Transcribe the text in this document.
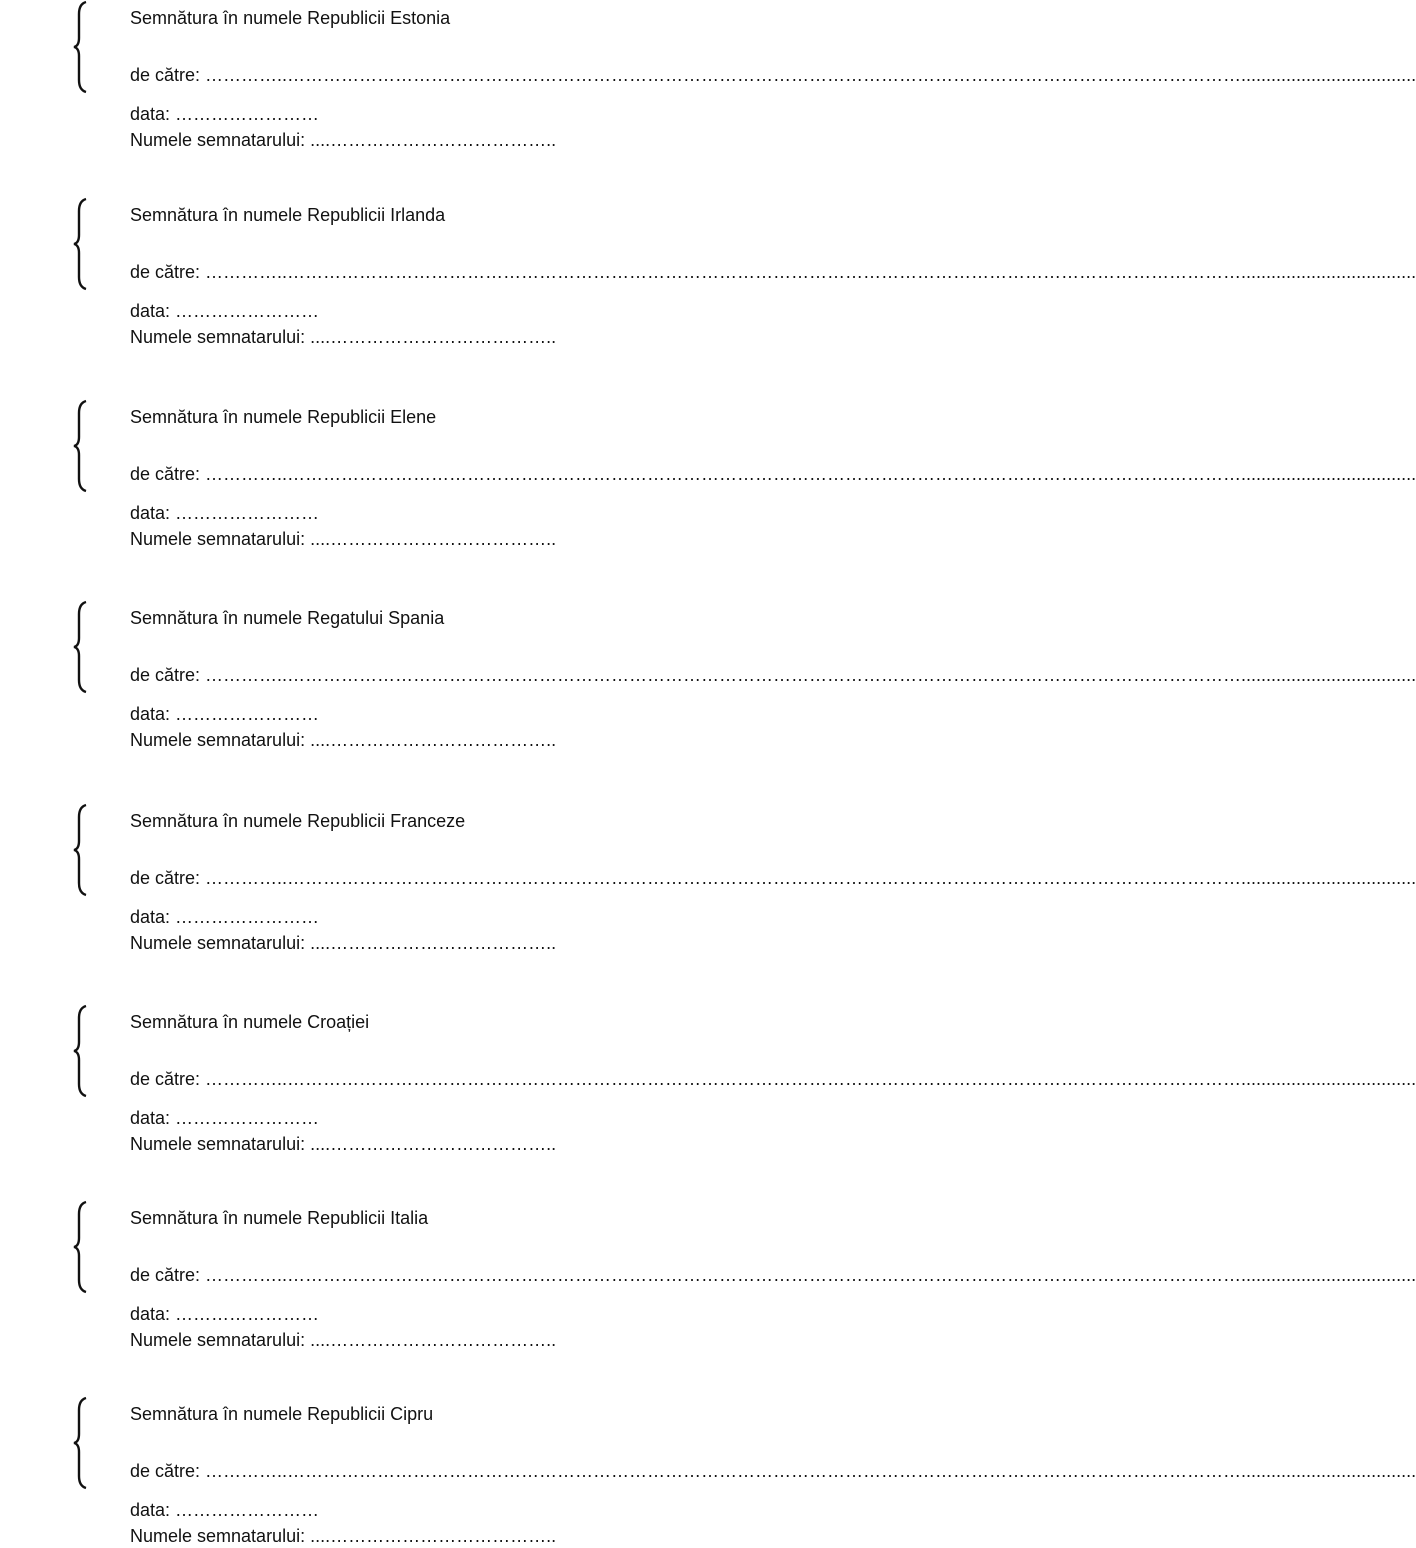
Semnătura în numele Republicii Estonia
de către: …………..……………………………………………………………………………………………………………………………………………...................................
data: ……………………
Numele semnatarului: ....………………………………..
Semnătura în numele Republicii Irlanda
de către: …………..……………………………………………………………………………………………………………………………………………...................................
data: ……………………
Numele semnatarului: ....………………………………..
Semnătura în numele Republicii Elene
de către: …………..……………………………………………………………………………………………………………………………………………...................................
data: ……………………
Numele semnatarului: ....………………………………..
Semnătura în numele Regatului Spania
de către: …………..……………………………………………………………………………………………………………………………………………...................................
data: ……………………
Numele semnatarului: ....………………………………..
Semnătura în numele Republicii Franceze
de către: …………..……………………………………………………………………………………………………………………………………………...................................
data: ……………………
Numele semnatarului: ....………………………………..
Semnătura în numele Croației
de către: …………..……………………………………………………………………………………………………………………………………………...................................
data: ……………………
Numele semnatarului: ....………………………………..
Semnătura în numele Republicii Italia
de către: …………..……………………………………………………………………………………………………………………………………………...................................
data: ……………………
Numele semnatarului: ....………………………………..
Semnătura în numele Republicii Cipru
de către: …………..……………………………………………………………………………………………………………………………………………...................................
data: ……………………
Numele semnatarului: ....………………………………..
